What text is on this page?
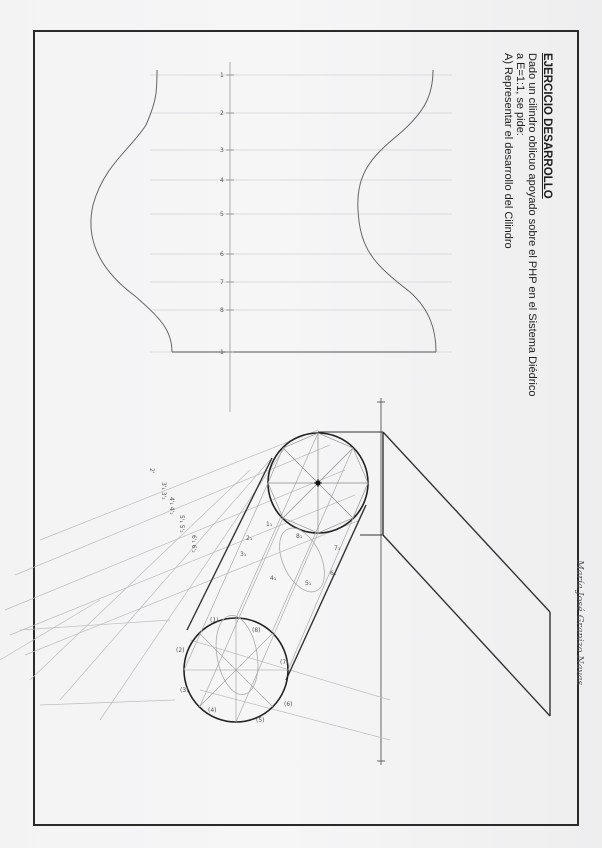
EJERCICIO DESARROLLO
Dado un cilindro oblicuo apoyado sobre el PHP en el Sistema Diédrico
a E=1:1, se pide:
A) Representar el desarrollo del Cilindro
María José Granizo Navas
1
2
3
4
5
6
7
8
1
1₁
2₁
3₁
4₁
5₁
6₁
7₁
8₁
(1)
(2)
(3)
(4)
(5)
(6)
(7)
(8)
2'
3'₁ 3'₂
4'₁ 4'₂
5'₁ 5'₂
6'₁ 6'₂
